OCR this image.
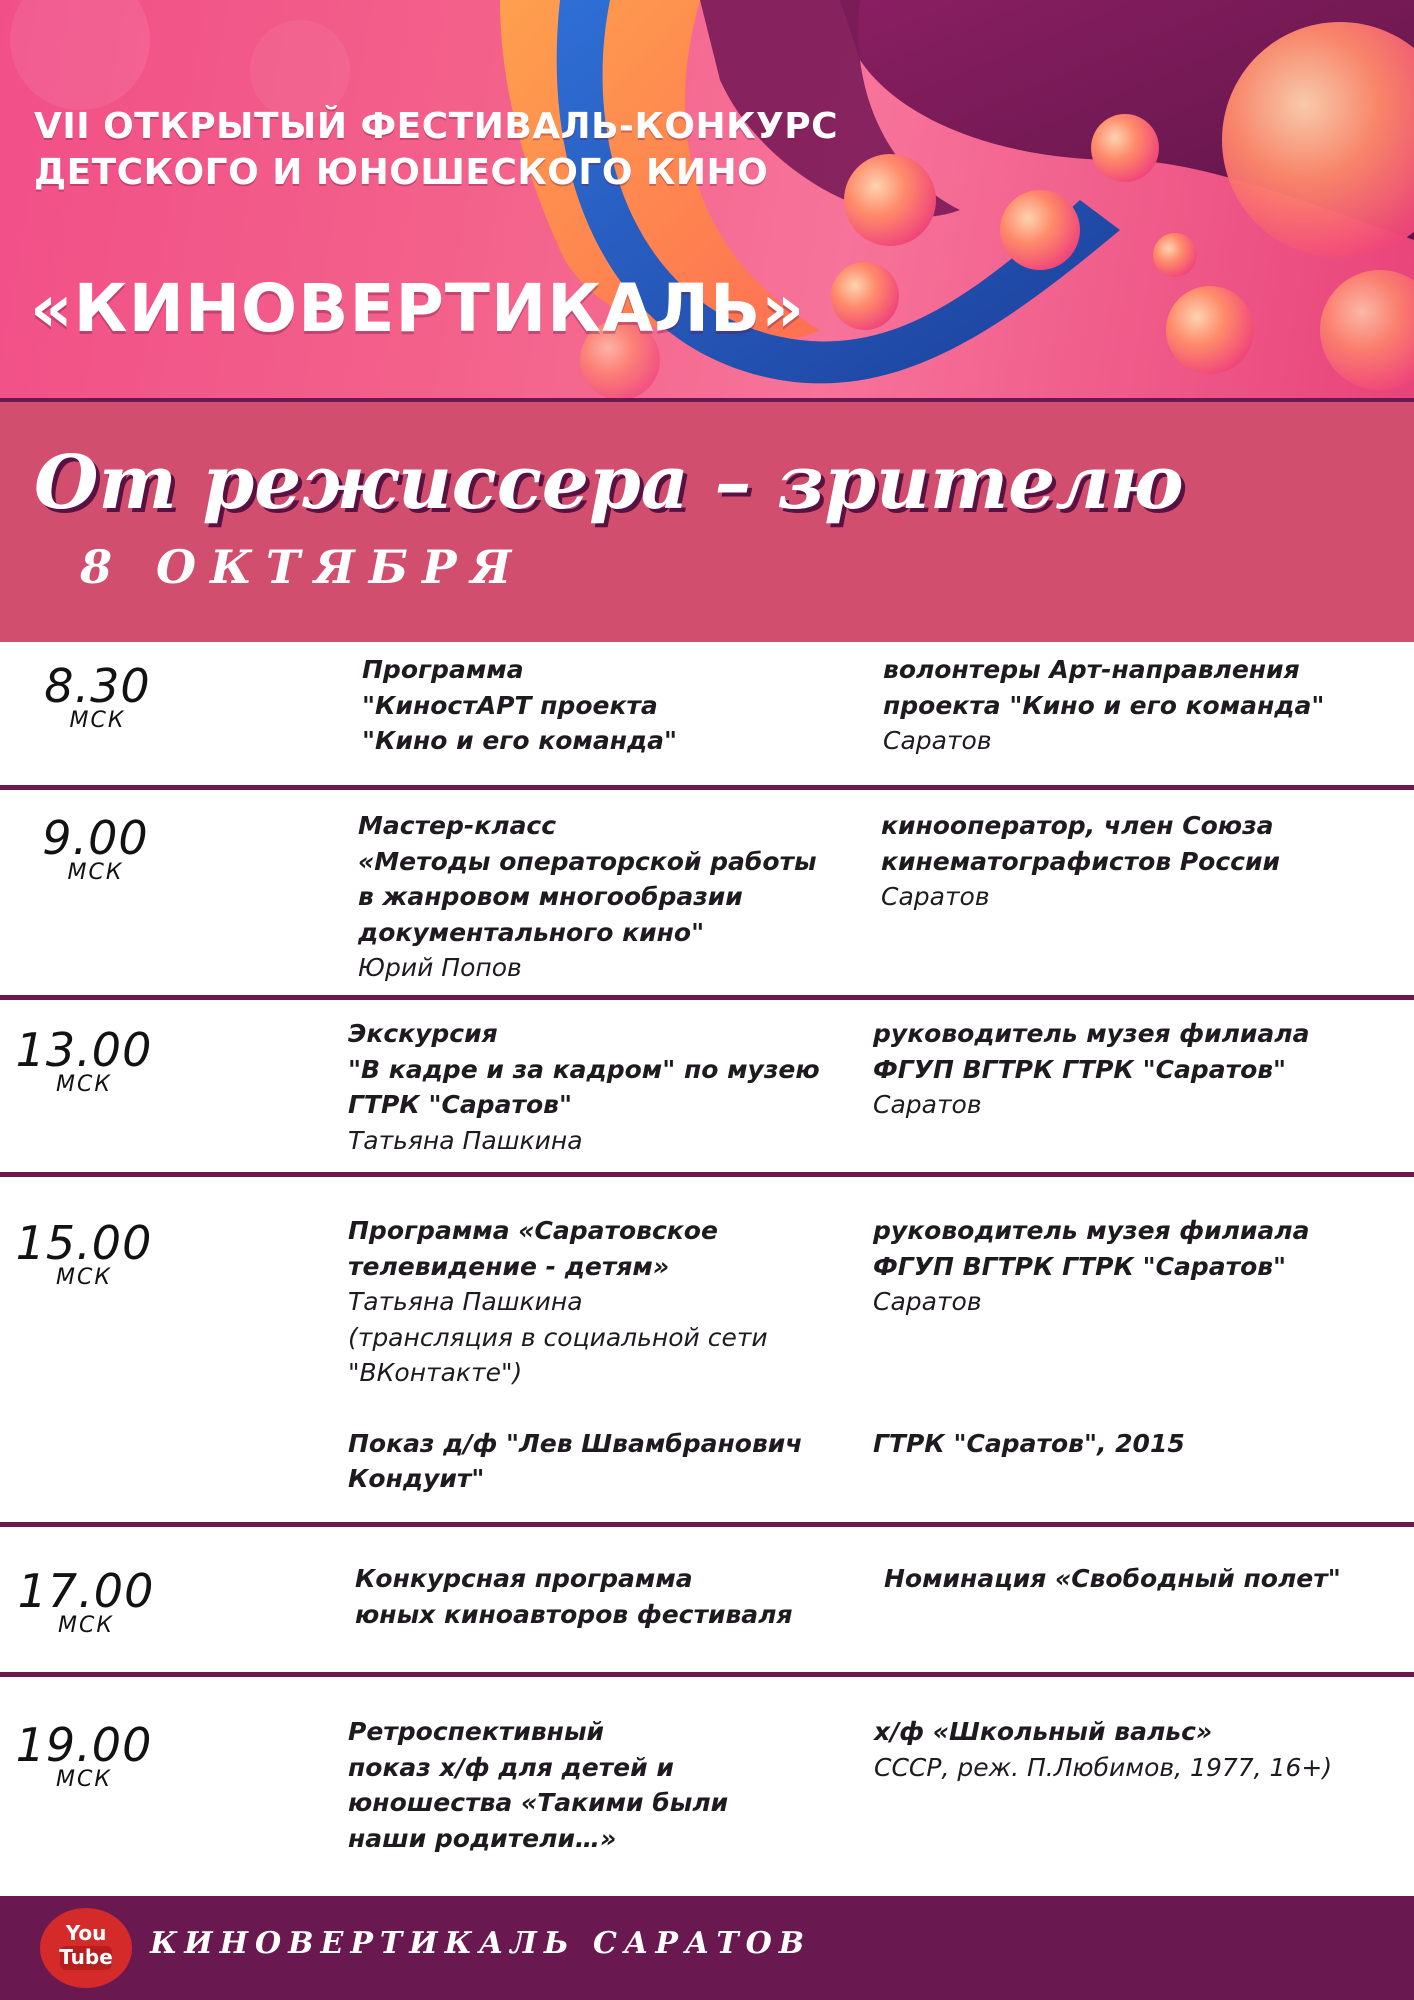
VII ОТКРЫТЫЙ ФЕСТИВАЛЬ-КОНКУРС

ДЕТСКОГО И ЮНОШЕСКОГО КИНО

«КИНОВЕРТИКАЛЬ»
От режиссера – зрителю

8 ОКТЯБРЯ

8.30
МСК
Программа
"КиностАРТ проекта
"Кино и его команда"
волонтеры Арт-направления
проекта "Кино и его команда"
Саратов
9.00
МСК
Мастер-класс
«Методы операторской работы
в жанровом многообразии
документального кино"
Юрий Попов
кинооператор, член Союза
кинематографистов России
Саратов
13.00
МСК
Экскурсия
"В кадре и за кадром" по музею
ГТРК "Саратов"
Татьяна Пашкина
руководитель музея филиала
ФГУП ВГТРК ГТРК "Саратов"
Саратов
15.00
МСК
Программа «Саратовское
телевидение - детям»
Татьяна Пашкина
(трансляция в социальной сети
"ВКонтакте")
Показ д/ф "Лев Швамбранович
Кондуит"
руководитель музея филиала
ФГУП ВГТРК ГТРК "Саратов"
Саратов
ГТРК "Саратов", 2015
17.00
МСК
Конкурсная программа
юных киноавторов фестиваля
Номинация «Свободный полет"
19.00
МСК
Ретроспективный
показ х/ф для детей и
юношества «Такими были
наши родители…»
х/ф «Школьный вальс»
СССР, реж. П.Любимов, 1977, 16+)
You
Tube	КИНОВЕРТИКАЛЬ САРАТОВ
